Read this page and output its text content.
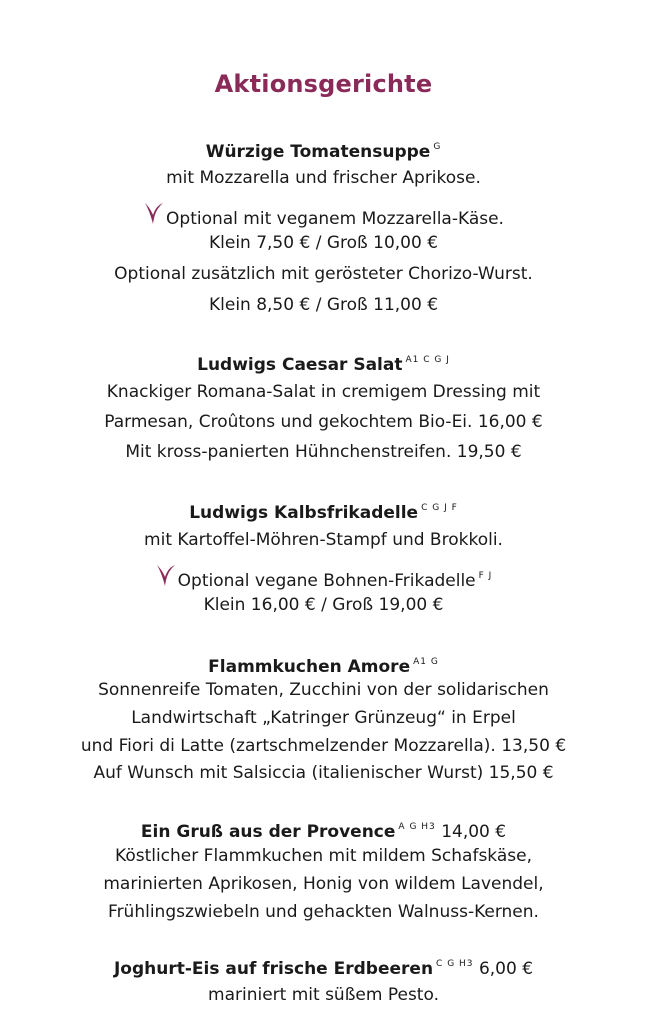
Aktionsgerichte
Würzige Tomatensuppe $^G$
mit Mozzarella und frischer Aprikose.
Optional mit veganem Mozzarella-Käse.
Klein 7,50 € / Groß 10,00 €
Optional zusätzlich mit gerösteter Chorizo-Wurst.
Klein 8,50 € / Groß 11,00 €
Ludwigs Caesar Salat $^{A1 C G J}$
Knackiger Romana-Salat in cremigem Dressing mit
Parmesan, Croûtons und gekochtem Bio-Ei. 16,00 €
Mit kross-panierten Hühnchenstreifen. 19,50 €
Ludwigs Kalbsfrikadelle $^{C G J F}$
mit Kartoffel-Möhren-Stampf und Brokkoli.
Optional vegane Bohnen-Frikadelle $^{F J}$
Klein 16,00 € / Groß 19,00 €
Flammkuchen Amore $^{A1 G}$
Sonnenreife Tomaten, Zucchini von der solidarischen
Landwirtschaft „Katringer Grünzeug“ in Erpel
und Fiori di Latte (zartschmelzender Mozzarella). 13,50 €
Auf Wunsch mit Salsiccia (italienischer Wurst) 15,50 €
Ein Gruß aus der Provence $^{A G H3}$ 14,00 €
Köstlicher Flammkuchen mit mildem Schafskäse,
marinierten Aprikosen, Honig von wildem Lavendel,
Frühlingszwiebeln und gehackten Walnuss-Kernen.
Joghurt-Eis auf frische Erdbeeren $^{C G H3}$ 6,00 €
mariniert mit süßem Pesto.
